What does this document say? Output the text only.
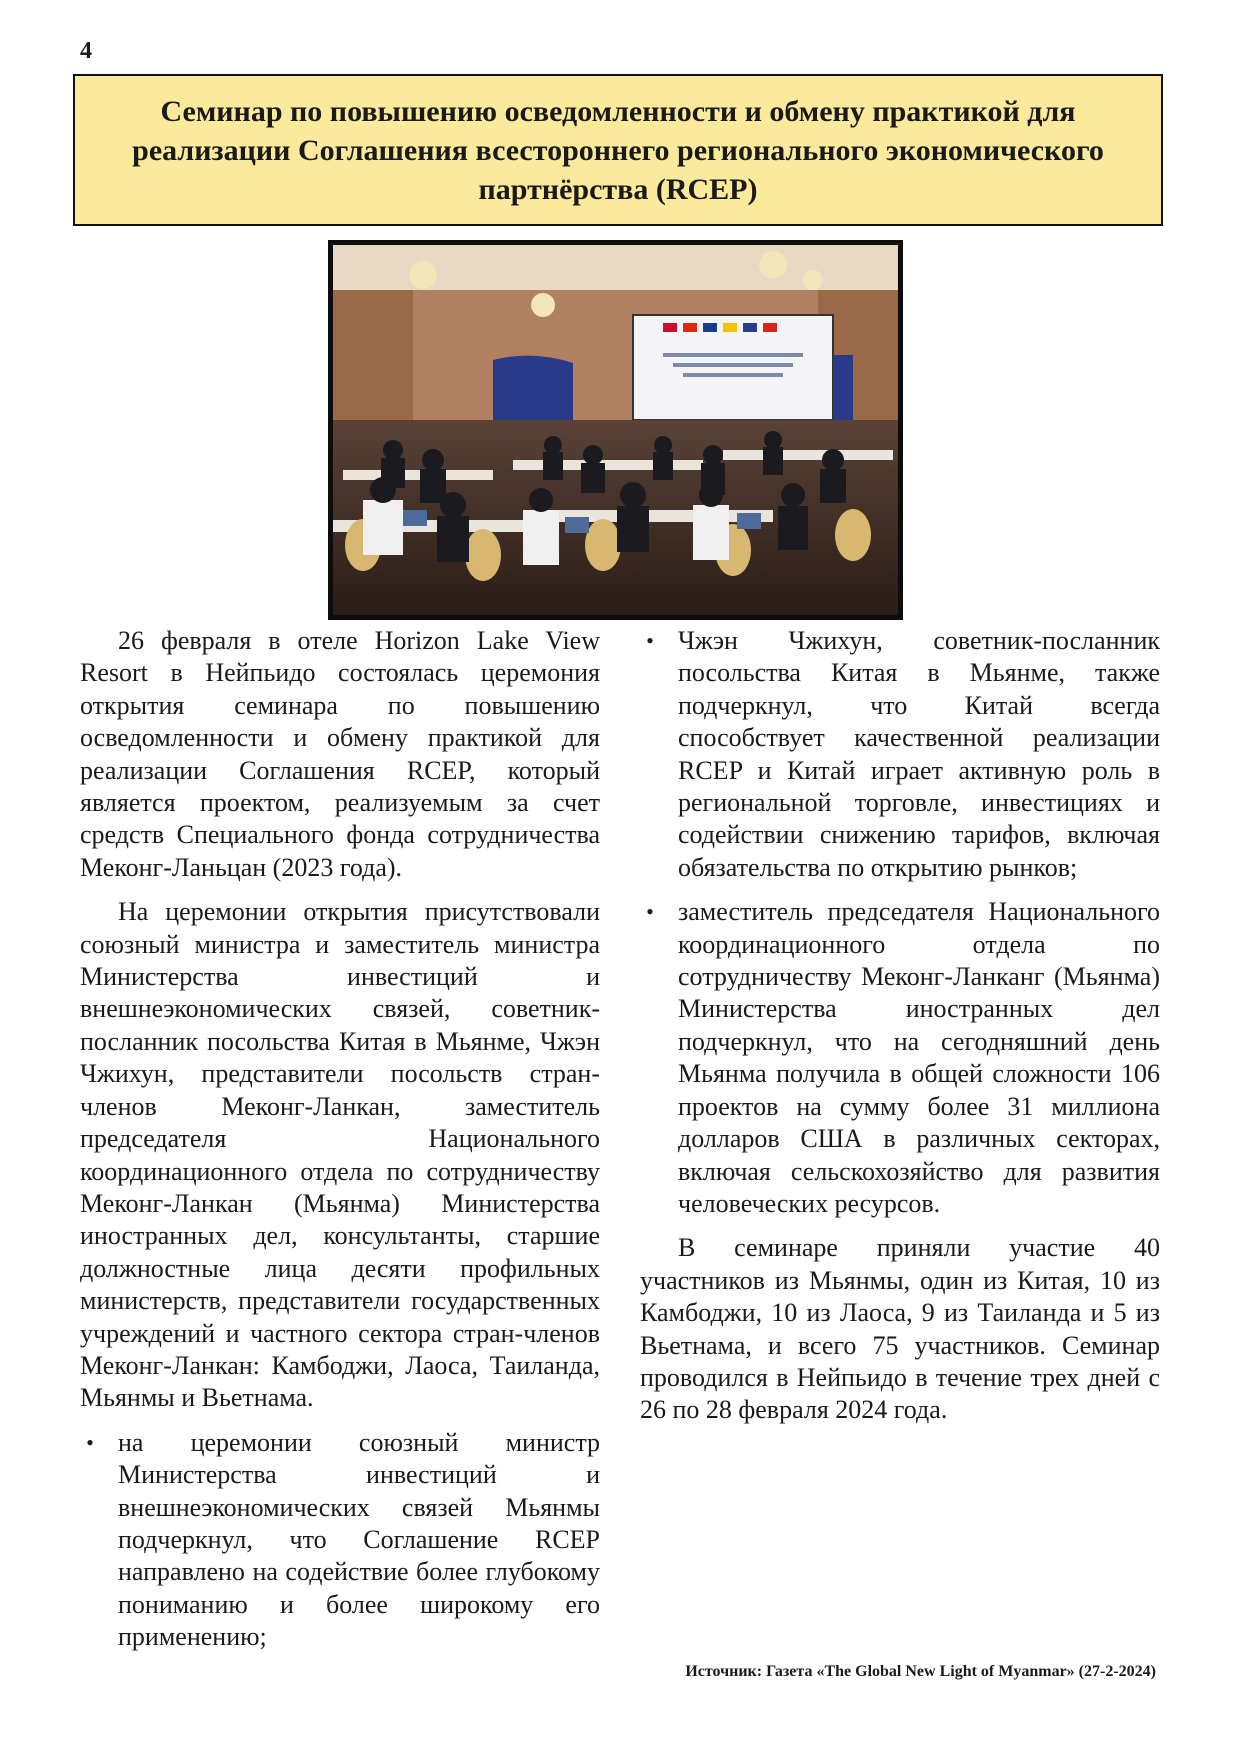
4
Семинар по повышению осведомленности и обмену практикой для реализации Соглашения всестороннего регионального экономического партнёрства (RCEP)

26 февраля в отеле Horizon Lake View Resort в Нейпьидо состоялась церемония открытия семинара по повышению осведомленности и обмену практикой для реализации Соглашения RCEP, который является проектом, реализуемым за счет средств Специального фонда сотрудничества Меконг-Ланьцан (2023 года).

На церемонии открытия присутствовали союзный министра и заместитель министра Министерства инвестиций и внешнеэкономических связей, советник-посланник посольства Китая в Мьянме, Чжэн Чжихун, представители посольств стран-членов Меконг-Ланкан, заместитель председателя Национального координационного отдела по сотрудничеству Меконг-Ланкан (Мьянма) Министерства иностранных дел, консультанты, старшие должностные лица десяти профильных министерств, представители государственных учреждений и частного сектора стран-членов Меконг-Ланкан: Камбоджи, Лаоса, Таиланда, Мьянмы и Вьетнама.

• на церемонии союзный министр Министерства инвестиций и внешнеэкономических связей Мьянмы подчеркнул, что Соглашение RCEP направлено на содействие более глубокому пониманию и более широкому его применению;
• Чжэн Чжихун, советник-посланник посольства Китая в Мьянме, также подчеркнул, что Китай всегда способствует качественной реализации RCEP и Китай играет активную роль в региональной торговле, инвестициях и содействии снижению тарифов, включая обязательства по открытию рынков;
• заместитель председателя Национального координационного отдела по сотрудничеству Меконг-Ланканг (Мьянма) Министерства иностранных дел подчеркнул, что на сегодняшний день Мьянма получила в общей сложности 106 проектов на сумму более 31 миллиона долларов США в различных секторах, включая сельскохозяйство для развития человеческих ресурсов.

В семинаре приняли участие 40 участников из Мьянмы, один из Китая, 10 из Камбоджи, 10 из Лаоса, 9 из Таиланда и 5 из Вьетнама, и всего 75 участников. Семинар проводился в Нейпьидо в течение трех дней с 26 по 28 февраля 2024 года.

Источник: Газета «The Global New Light of Myanmar» (27-2-2024)
